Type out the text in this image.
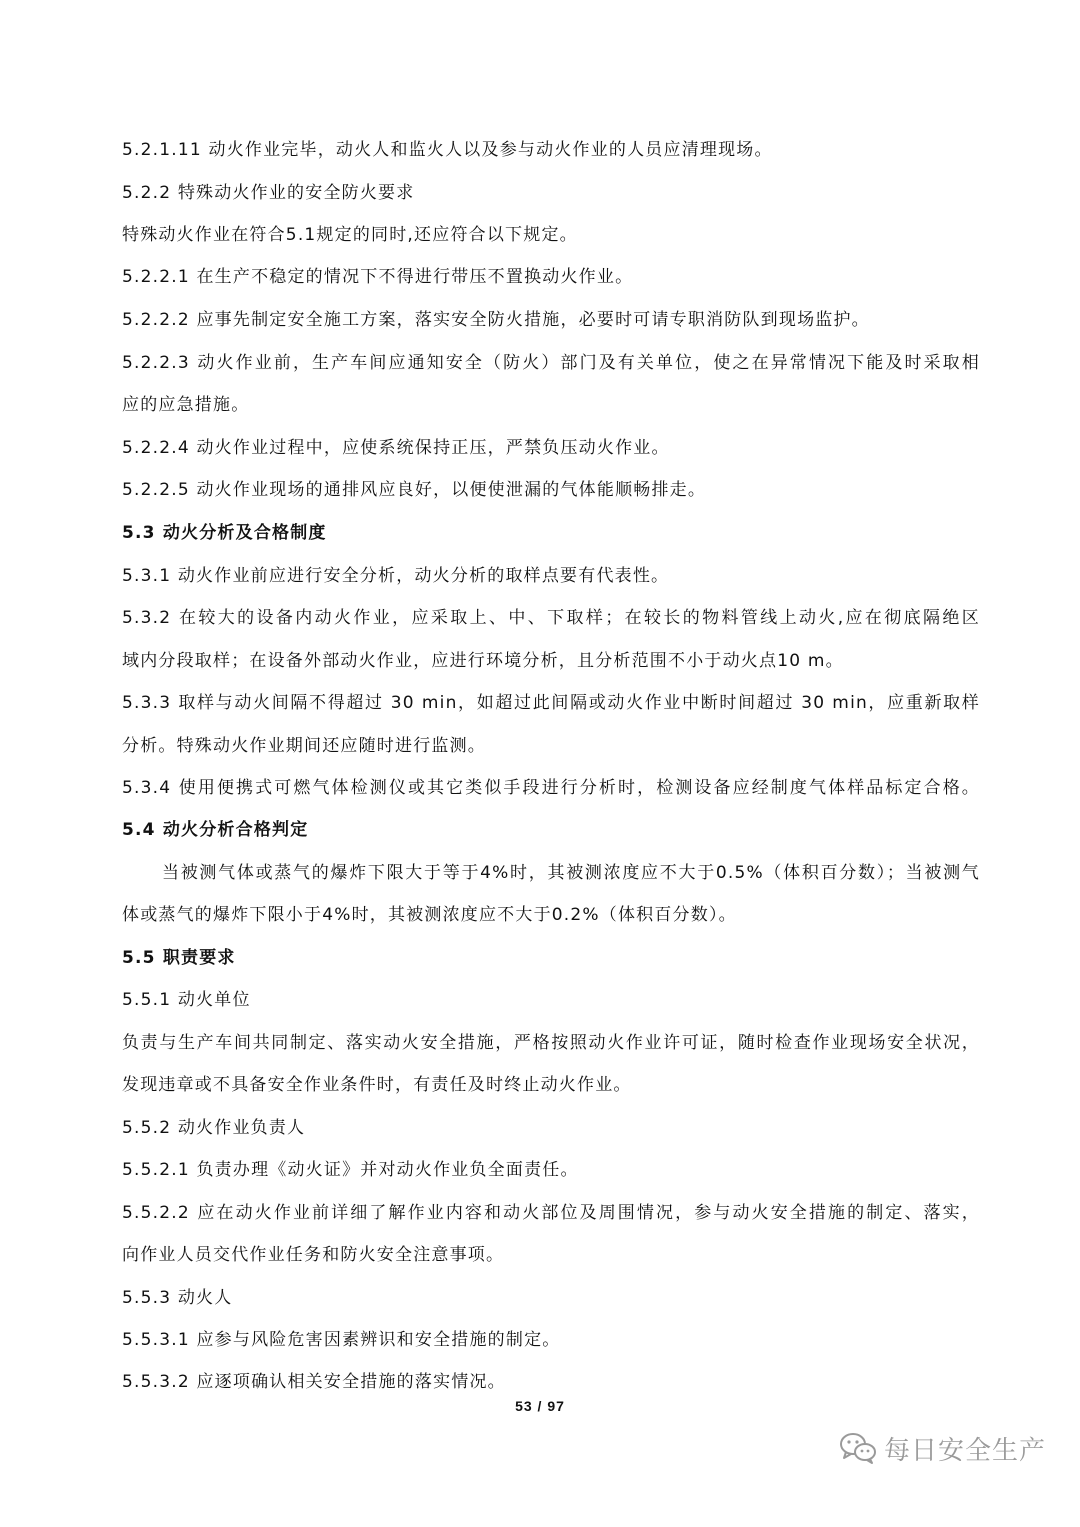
5.2.1.11 动火作业完毕，动火人和监火人以及参与动火作业的人员应清理现场。
5.2.2 特殊动火作业的安全防火要求
特殊动火作业在符合5.1规定的同时,还应符合以下规定。
5.2.2.1 在生产不稳定的情况下不得进行带压不置换动火作业。
5.2.2.2 应事先制定安全施工方案，落实安全防火措施，必要时可请专职消防队到现场监护。
5.2.2.3 动火作业前，生产车间应通知安全（防火）部门及有关单位，使之在异常情况下能及时采取相
应的应急措施。
5.2.2.4 动火作业过程中，应使系统保持正压，严禁负压动火作业。
5.2.2.5 动火作业现场的通排风应良好，以便使泄漏的气体能顺畅排走。
5.3 动火分析及合格制度
5.3.1 动火作业前应进行安全分析，动火分析的取样点要有代表性。
5.3.2 在较大的设备内动火作业，应采取上、中、下取样；在较长的物料管线上动火,应在彻底隔绝区
域内分段取样；在设备外部动火作业，应进行环境分析，且分析范围不小于动火点10 m。
5.3.3 取样与动火间隔不得超过 30 min，如超过此间隔或动火作业中断时间超过 30 min，应重新取样
分析。特殊动火作业期间还应随时进行监测。
5.3.4 使用便携式可燃气体检测仪或其它类似手段进行分析时，检测设备应经制度气体样品标定合格。
5.4 动火分析合格判定
当被测气体或蒸气的爆炸下限大于等于4%时，其被测浓度应不大于0.5%（体积百分数）；当被测气
体或蒸气的爆炸下限小于4%时，其被测浓度应不大于0.2%（体积百分数）。
5.5 职责要求
5.5.1 动火单位
负责与生产车间共同制定、落实动火安全措施，严格按照动火作业许可证，随时检查作业现场安全状况，
发现违章或不具备安全作业条件时，有责任及时终止动火作业。
5.5.2 动火作业负责人
5.5.2.1 负责办理《动火证》并对动火作业负全面责任。
5.5.2.2 应在动火作业前详细了解作业内容和动火部位及周围情况，参与动火安全措施的制定、落实，
向作业人员交代作业任务和防火安全注意事项。
5.5.3 动火人
5.5.3.1 应参与风险危害因素辨识和安全措施的制定。
5.5.3.2 应逐项确认相关安全措施的落实情况。
53 / 97
每日安全生产
